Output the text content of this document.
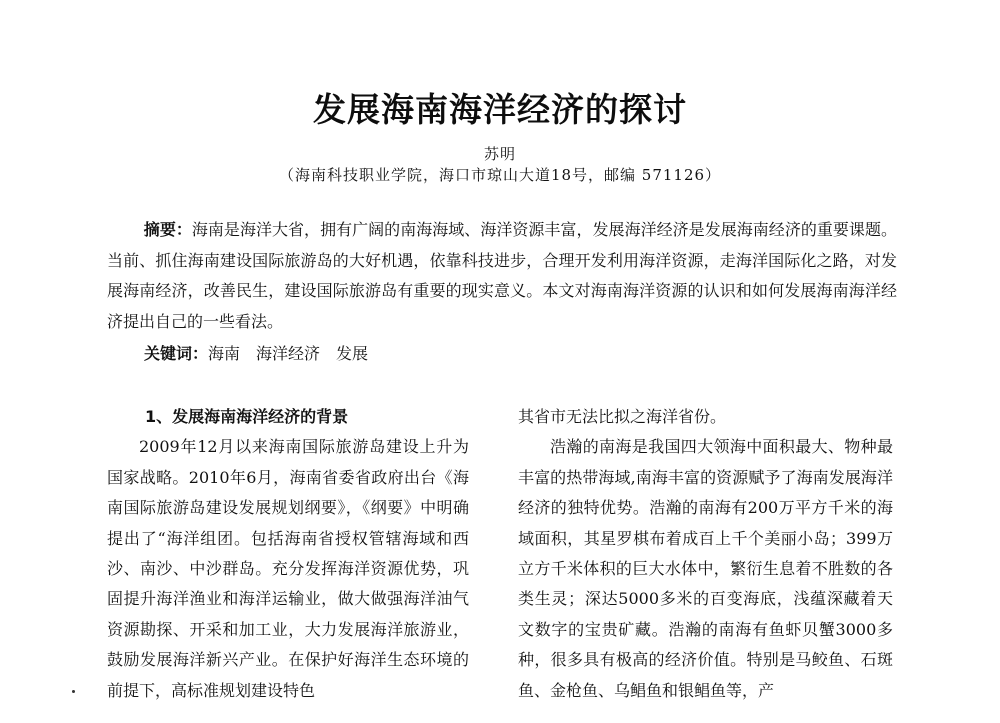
发展海南海洋经济的探讨
苏明
（海南科技职业学院，海口市琼山大道18号，邮编 571126）

摘要：海南是海洋大省，拥有广阔的南海海域、海洋资源丰富，发展海洋经济是发展海南经济的重要课题。当前、抓住海南建设国际旅游岛的大好机遇，依靠科技进步，合理开发利用海洋资源，走海洋国际化之路，对发展海南经济，改善民生，建设国际旅游岛有重要的现实意义。本文对海南海洋资源的认识和如何发展海南海洋经济提出自己的一些看法。

关键词：海南　海洋经济　发展
1、发展海南海洋经济的背景

2009年12月以来海南国际旅游岛建设上升为国家战略。2010年6月，海南省委省政府出台《海南国际旅游岛建设发展规划纲要》，《纲要》中明确提出了“海洋组团。包括海南省授权管辖海域和西沙、南沙、中沙群岛。充分发挥海洋资源优势，巩固提升海洋渔业和海洋运输业，做大做强海洋油气资源勘探、开采和加工业，大力发展海洋旅游业，鼓励发展海洋新兴产业。在保护好海洋生态环境的前提下，高标准规划建设特色

其省市无法比拟之海洋省份。

浩瀚的南海是我国四大领海中面积最大、物种最丰富的热带海域,南海丰富的资源赋予了海南发展海洋经济的独特优势。浩瀚的南海有200万平方千米的海域面积，其星罗棋布着成百上千个美丽小岛；399万立方千米体积的巨大水体中，繁衍生息着不胜数的各类生灵；深达5000多米的百变海底，浅蕴深藏着天文数字的宝贵矿藏。浩瀚的南海有鱼虾贝蟹3000多种，很多具有极高的经济价值。特别是马鲛鱼、石斑鱼、金枪鱼、乌鲳鱼和银鲳鱼等，产
